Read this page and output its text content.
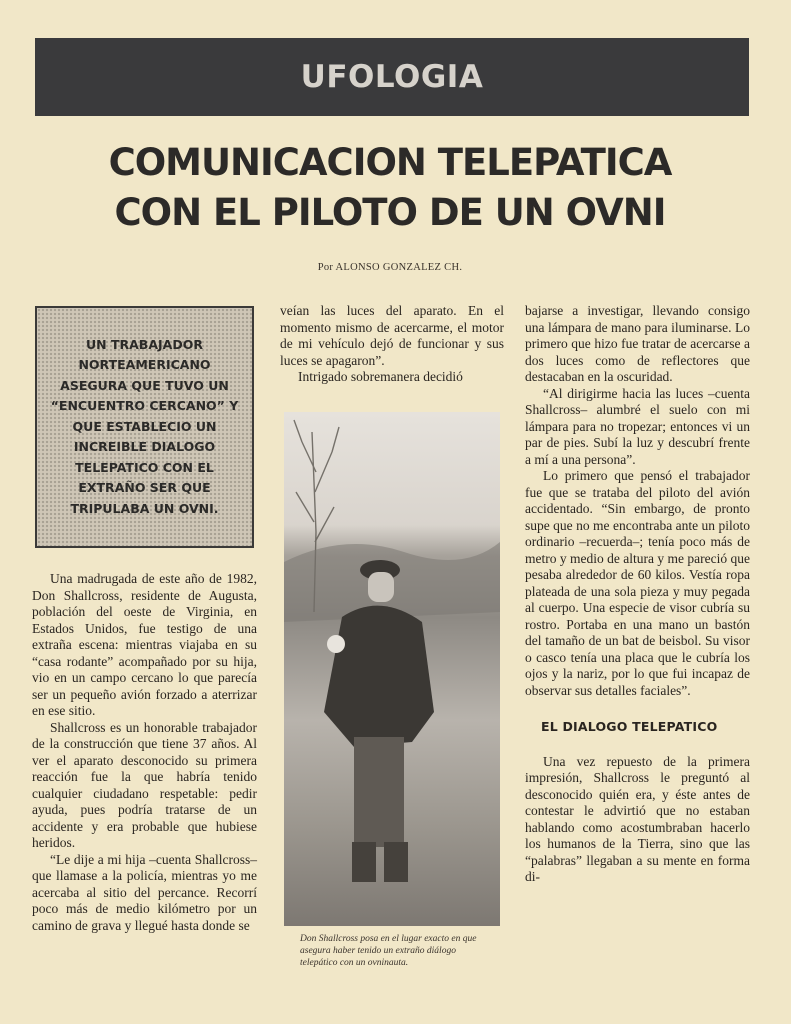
UFOLOGIA
COMUNICACION TELEPATICA
CON EL PILOTO DE UN OVNI
Por ALONSO GONZALEZ CH.
UN TRABAJADOR NORTEAMERICANO ASEGURA QUE TUVO UN “ENCUENTRO CERCANO” Y QUE ESTABLECIO UN INCREIBLE DIALOGO TELEPATICO CON EL EXTRAÑO SER QUE TRIPULABA UN OVNI.

Una madrugada de este año de 1982, Don Shallcross, residente de Augusta, población del oeste de Virginia, en Estados Unidos, fue testigo de una extraña escena: mientras viajaba en su “casa rodante” acompañado por su hija, vio en un campo cercano lo que parecía ser un pequeño avión forzado a aterrizar en ese sitio.

Shallcross es un honorable trabajador de la construcción que tiene 37 años. Al ver el aparato desconocido su primera reacción fue la que habría tenido cualquier ciudadano respetable: pedir ayuda, pues podría tratarse de un accidente y era probable que hubiese heridos.

“Le dije a mi hija –cuenta Shallcross– que llamase a la policía, mientras yo me acercaba al sitio del percance. Recorrí poco más de medio kilómetro por un camino de grava y llegué hasta donde se

veían las luces del aparato. En el momento mismo de acercarme, el motor de mi vehículo dejó de funcionar y sus luces se apagaron”.

Intrigado sobremanera decidió

Don Shallcross posa en el lugar exacto en que asegura haber tenido un extraño diálogo telepático con un ovninauta.

bajarse a investigar, llevando consigo una lámpara de mano para iluminarse. Lo primero que hizo fue tratar de acercarse a dos luces como de reflectores que destacaban en la oscuridad.

“Al dirigirme hacia las luces –cuenta Shallcross– alumbré el suelo con mi lámpara para no tropezar; entonces vi un par de pies. Subí la luz y descubrí frente a mí a una persona”.

Lo primero que pensó el trabajador fue que se trataba del piloto del avión accidentado. “Sin embargo, de pronto supe que no me encontraba ante un piloto ordinario –recuerda–; tenía poco más de metro y medio de altura y me pareció que pesaba alrededor de 60 kilos. Vestía ropa plateada de una sola pieza y muy pegada al cuerpo. Una especie de visor cubría su rostro. Portaba en una mano un bastón del tamaño de un bat de beisbol. Su visor o casco tenía una placa que le cubría los ojos y la nariz, por lo que fui incapaz de observar sus detalles faciales”.

EL DIALOGO TELEPATICO

Una vez repuesto de la primera impresión, Shallcross le preguntó al desconocido quién era, y éste antes de contestar le advirtió que no estaban hablando como acostumbraban hacerlo los humanos de la Tierra, sino que las “palabras” llegaban a su mente en forma di-
